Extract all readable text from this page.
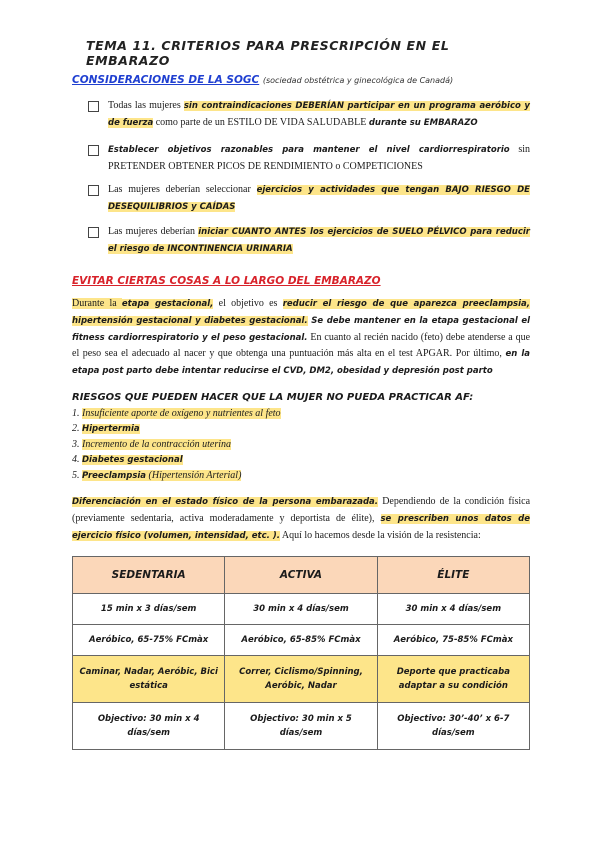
TEMA 11. CRITERIOS PARA PRESCRIPCIÓN EN EL EMBARAZO
CONSIDERACIONES DE LA SOGC (sociedad obstétrica y ginecológica de Canadá)
Todas las mujeres sin contraindicaciones DEBERÍAN participar en un programa aeróbico y de fuerza como parte de un ESTILO DE VIDA SALUDABLE durante su EMBARAZO
Establecer objetivos razonables para mantener el nivel cardiorrespiratorio sin PRETENDER OBTENER PICOS DE RENDIMIENTO o COMPETICIONES
Las mujeres deberían seleccionar ejercicios y actividades que tengan BAJO RIESGO DE DESEQUILIBRIOS y CAÍDAS
Las mujeres deberían iniciar CUANTO ANTES los ejercicios de SUELO PÉLVICO para reducir el riesgo de INCONTINENCIA URINARIA
EVITAR CIERTAS COSAS A LO LARGO DEL EMBARAZO
Durante la etapa gestacional, el objetivo es reducir el riesgo de que aparezca preeclampsia, hipertensión gestacional y diabetes gestacional. Se debe mantener en la etapa gestacional el fitness cardiorrespiratorio y el peso gestacional. En cuanto al recién nacido (feto) debe atenderse a que el peso sea el adecuado al nacer y que obtenga una puntuación más alta en el test APGAR. Por último, en la etapa post parto debe intentar reducirse el CVD, DM2, obesidad y depresión post parto
RIESGOS QUE PUEDEN HACER QUE LA MUJER NO PUEDA PRACTICAR AF:
1. Insuficiente aporte de oxígeno y nutrientes al feto
2. Hipertermia
3. Incremento de la contracción uterina
4. Diabetes gestacional
5. Preeclampsia (Hipertensión Arterial)
Diferenciación en el estado físico de la persona embarazada. Dependiendo de la condición física (previamente sedentaria, activa moderadamente y deportista de élite), se prescriben unos datos de ejercicio físico (volumen, intensidad, etc. ). Aquí lo hacemos desde la visión de la resistencia:
SEDENTARIA	ACTIVA	ÉLITE
15 min x 3 días/sem	30 min x 4 días/sem	30 min x 4 días/sem
Aeróbico, 65-75% FCmàx	Aeróbico, 65-85% FCmàx	Aeróbico, 75-85% FCmàx
Caminar, Nadar, Aeróbic, Bici estática	Correr, Ciclismo/Spinning, Aeróbic, Nadar	Deporte que practicaba adaptar a su condición
Objectivo: 30 min x 4 días/sem	Objectivo: 30 min x 5 días/sem	Objectivo: 30’-40’ x 6-7 días/sem
